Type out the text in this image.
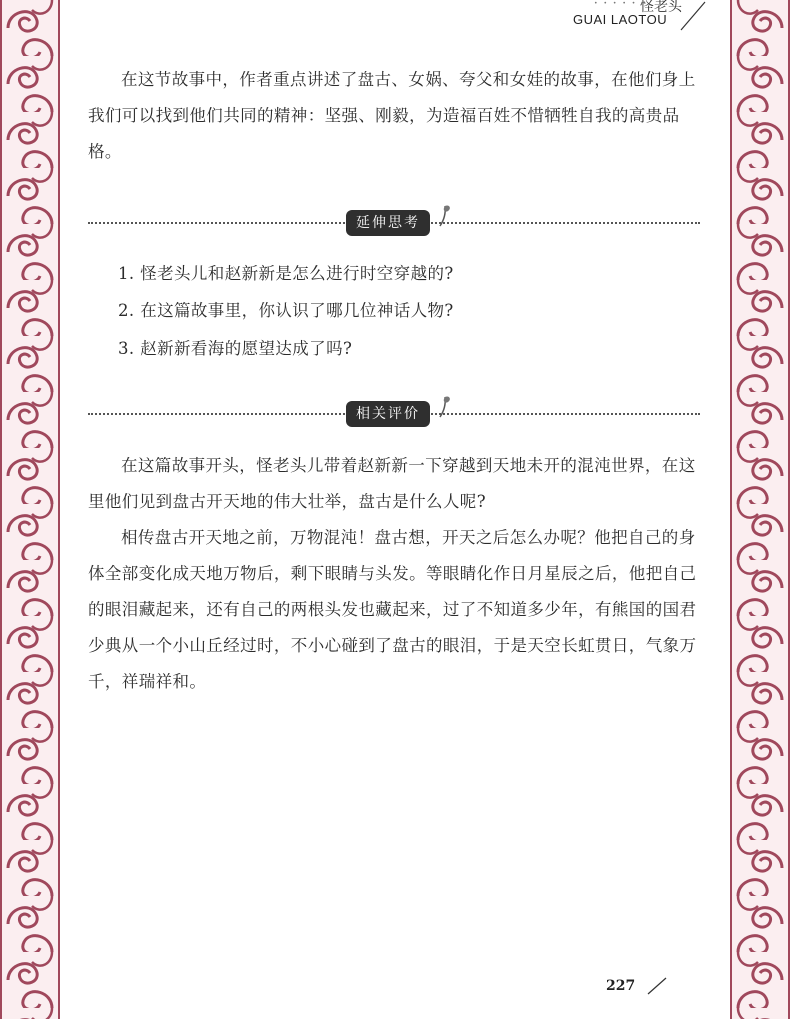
• • • • • •
怪老头
GUAI LAOTOU

在这节故事中，作者重点讲述了盘古、女娲、夸父和女娃的故事，在他们身上我们可以找到他们共同的精神：坚强、刚毅，为造福百姓不惜牺牲自我的高贵品格。

延伸思考

1. 怪老头儿和赵新新是怎么进行时空穿越的?

2. 在这篇故事里，你认识了哪几位神话人物?

3. 赵新新看海的愿望达成了吗?

相关评价

在这篇故事开头，怪老头儿带着赵新新一下穿越到天地未开的混沌世界，在这里他们见到盘古开天地的伟大壮举，盘古是什么人呢?

相传盘古开天地之前，万物混沌！盘古想，开天之后怎么办呢？他把自己的身体全部变化成天地万物后，剩下眼睛与头发。等眼睛化作日月星辰之后，他把自己的眼泪藏起来，还有自己的两根头发也藏起来，过了不知道多少年，有熊国的国君少典从一个小山丘经过时，不小心碰到了盘古的眼泪，于是天空长虹贯日，气象万千，祥瑞祥和。

227
